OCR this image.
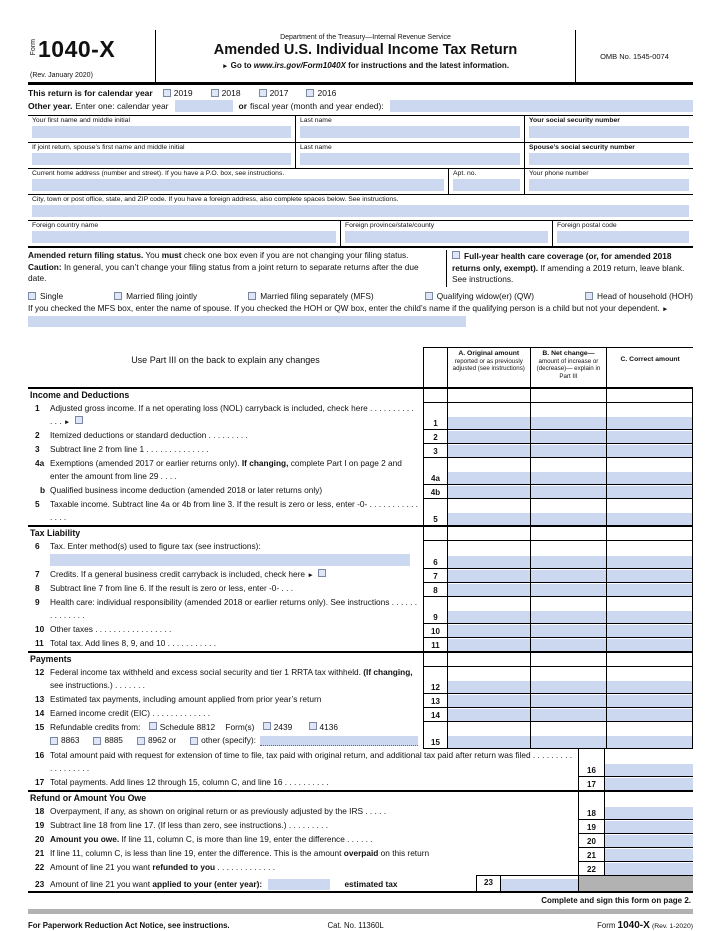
Form 1040-X
(Rev. January 2020)
Department of the Treasury—Internal Revenue Service
Amended U.S. Individual Income Tax Return
► Go to www.irs.gov/Form1040X for instructions and the latest information.
OMB No. 1545-0074
This return is for calendar year 2019	2018	2017	2016
Other year. Enter one: calendar year	or fiscal year (month and year ended):
Your first name and middle initial	Last name	Your social security number
If joint return, spouse’s first name and middle initial	Last name	Spouse’s social security number
Current home address (number and street). If you have a P.O. box, see instructions.	Apt. no.	Your phone number
City, town or post office, state, and ZIP code. If you have a foreign address, also complete spaces below. See instructions.
Foreign country name	Foreign province/state/county	Foreign postal code
Amended return filing status. You must check one box even if you are not changing your filing status. Caution: In general, you can’t change your filing status from a joint return to separate returns after the due date.
Full-year health care coverage (or, for amended 2018 returns only, exempt). If amending a 2019 return, leave blank. See instructions.
Single	Married filing jointly	Married filing separately (MFS)	Qualifying widow(er) (QW)	Head of household (HOH)
If you checked the MFS box, enter the name of spouse. If you checked the HOH or QW box, enter the child’s name if the qualifying person is a child but not your dependent. ►
Use Part III on the back to explain any changes
A. Original amount
reported or as previously adjusted (see instructions)
B. Net change—
amount of increase or (decrease)— explain in Part III
C. Correct amount
Income and Deductions
1	Adjusted gross income. If a net operating loss (NOL) carryback is included, check here . . . . . . . . . . . . . ►	1
2	Itemized deductions or standard deduction . . . . . . . . .	2
3	Subtract line 2 from line 1 . . . . . . . . . . . . . .	3
4a Exemptions (amended 2017 or earlier returns only). If changing, complete Part I on page 2 and enter the amount from line 29 . . . .	4a
b Qualified business income deduction (amended 2018 or later returns only)	4b
5	Taxable income. Subtract line 4a or 4b from line 3. If the result is zero or less, enter -0- . . . . . . . . . . . . . . .	5
Tax Liability
6	Tax. Enter method(s) used to figure tax (see instructions):
6
7	Credits. If a general business credit carryback is included, check here ►	7
8	Subtract line 7 from line 6. If the result is zero or less, enter -0- . . .	8
9	Health care: individual responsibility (amended 2018 or earlier returns only). See instructions . . . . . . . . . . . . . .	9
10 Other taxes . . . . . . . . . . . . . . . . .	10
11 Total tax. Add lines 8, 9, and 10 . . . . . . . . . . .	11
Payments
12 Federal income tax withheld and excess social security and tier 1 RRTA tax withheld. (If changing, see instructions.) . . . . . . .	12
13 Estimated tax payments, including amount applied from prior year’s return	13
14 Earned income credit (EIC) . . . . . . . . . . . . .	14
15 Refundable credits from: Schedule 8812 Form(s) 2439	4136
8863	8885	8962 or	other (specify):	15
16 Total amount paid with request for extension of time to file, tax paid with original return, and additional tax paid after return was filed . . . . . . . . . . . . . . . . . .	16
17 Total payments. Add lines 12 through 15, column C, and line 16 . . . . . . . . . .	17
Refund or Amount You Owe
18 Overpayment, if any, as shown on original return or as previously adjusted by the IRS . . . . .	18
19 Subtract line 18 from line 17. (If less than zero, see instructions.) . . . . . . . . .	19
20 Amount you owe. If line 11, column C, is more than line 19, enter the difference . . . . . .	20
21 If line 11, column C, is less than line 19, enter the difference. This is the amount overpaid on this return	21
22 Amount of line 21 you want refunded to you . . . . . . . . . . . . .	22
23 Amount of line 21 you want applied to your (enter year):	estimated tax	23
Complete and sign this form on page 2.
For Paperwork Reduction Act Notice, see instructions.	Cat. No. 11360L	Form 1040-X (Rev. 1-2020)
